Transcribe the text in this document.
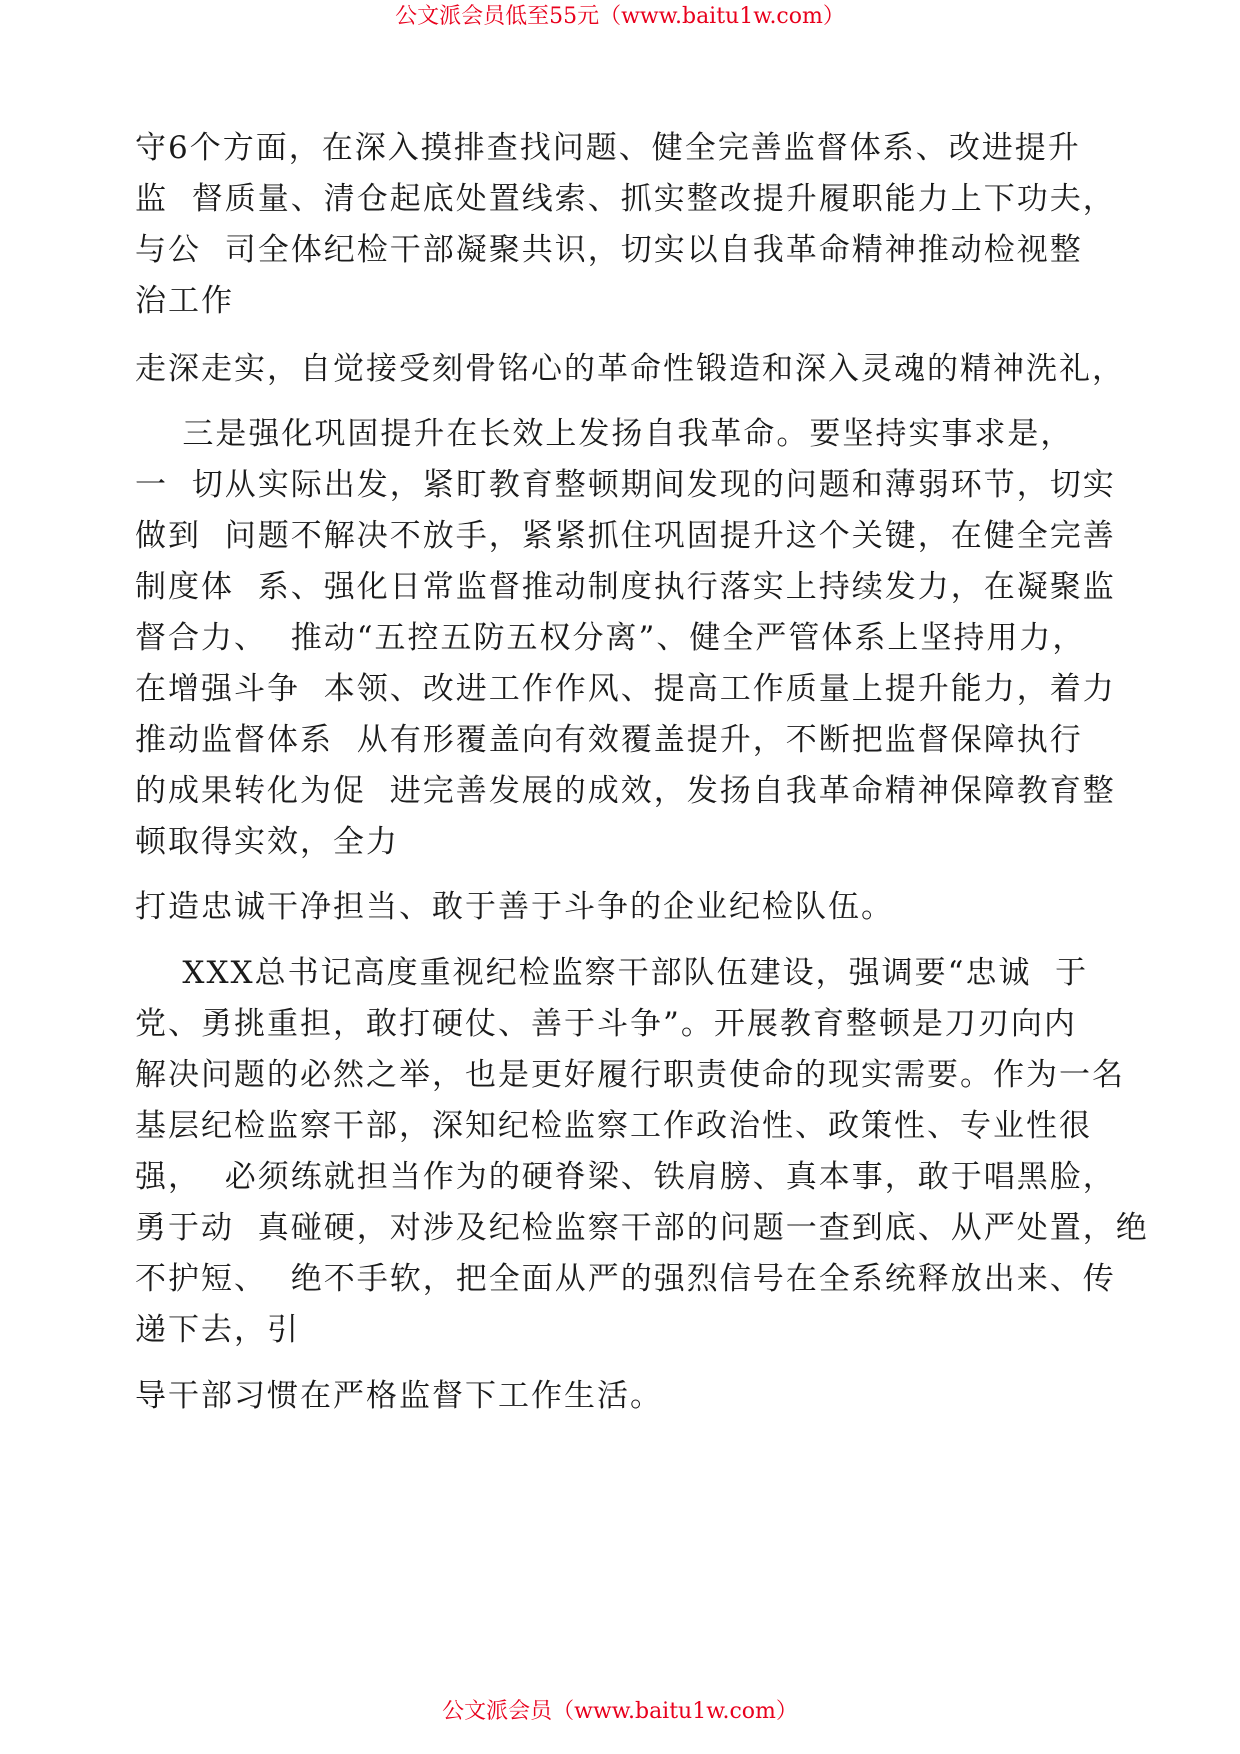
公文派会员低至55元（www.baitu1w.com）
守6个方面，在深入摸排查找问题、健全完善监督体系、改进提升
监  督质量、清仓起底处置线索、抓实整改提升履职能力上下功夫，
与公  司全体纪检干部凝聚共识，切实以自我革命精神推动检视整
治工作
走深走实，自觉接受刻骨铭心的革命性锻造和深入灵魂的精神洗礼，
三是强化巩固提升在长效上发扬自我革命。要坚持实事求是，
一  切从实际出发，紧盯教育整顿期间发现的问题和薄弱环节，切实
做到  问题不解决不放手，紧紧抓住巩固提升这个关键，在健全完善
制度体  系、强化日常监督推动制度执行落实上持续发力，在凝聚监
督合力、  推动“五控五防五权分离”、健全严管体系上坚持用力，
在增强斗争  本领、改进工作作风、提高工作质量上提升能力，着力
推动监督体系  从有形覆盖向有效覆盖提升，不断把监督保障执行
的成果转化为促  进完善发展的成效，发扬自我革命精神保障教育整
顿取得实效，全力
打造忠诚干净担当、敢于善于斗争的企业纪检队伍。
XXX总书记高度重视纪检监察干部队伍建设，强调要“忠诚  于
党、勇挑重担，敢打硬仗、善于斗争”。开展教育整顿是刀刃向内
解决问题的必然之举，也是更好履行职责使命的现实需要。作为一名
基层纪检监察干部，深知纪检监察工作政治性、政策性、专业性很
强，  必须练就担当作为的硬脊梁、铁肩膀、真本事，敢于唱黑脸，
勇于动  真碰硬，对涉及纪检监察干部的问题一查到底、从严处置，绝
不护短、  绝不手软，把全面从严的强烈信号在全系统释放出来、传
递下去，引
导干部习惯在严格监督下工作生活。
公文派会员（www.baitu1w.com）
